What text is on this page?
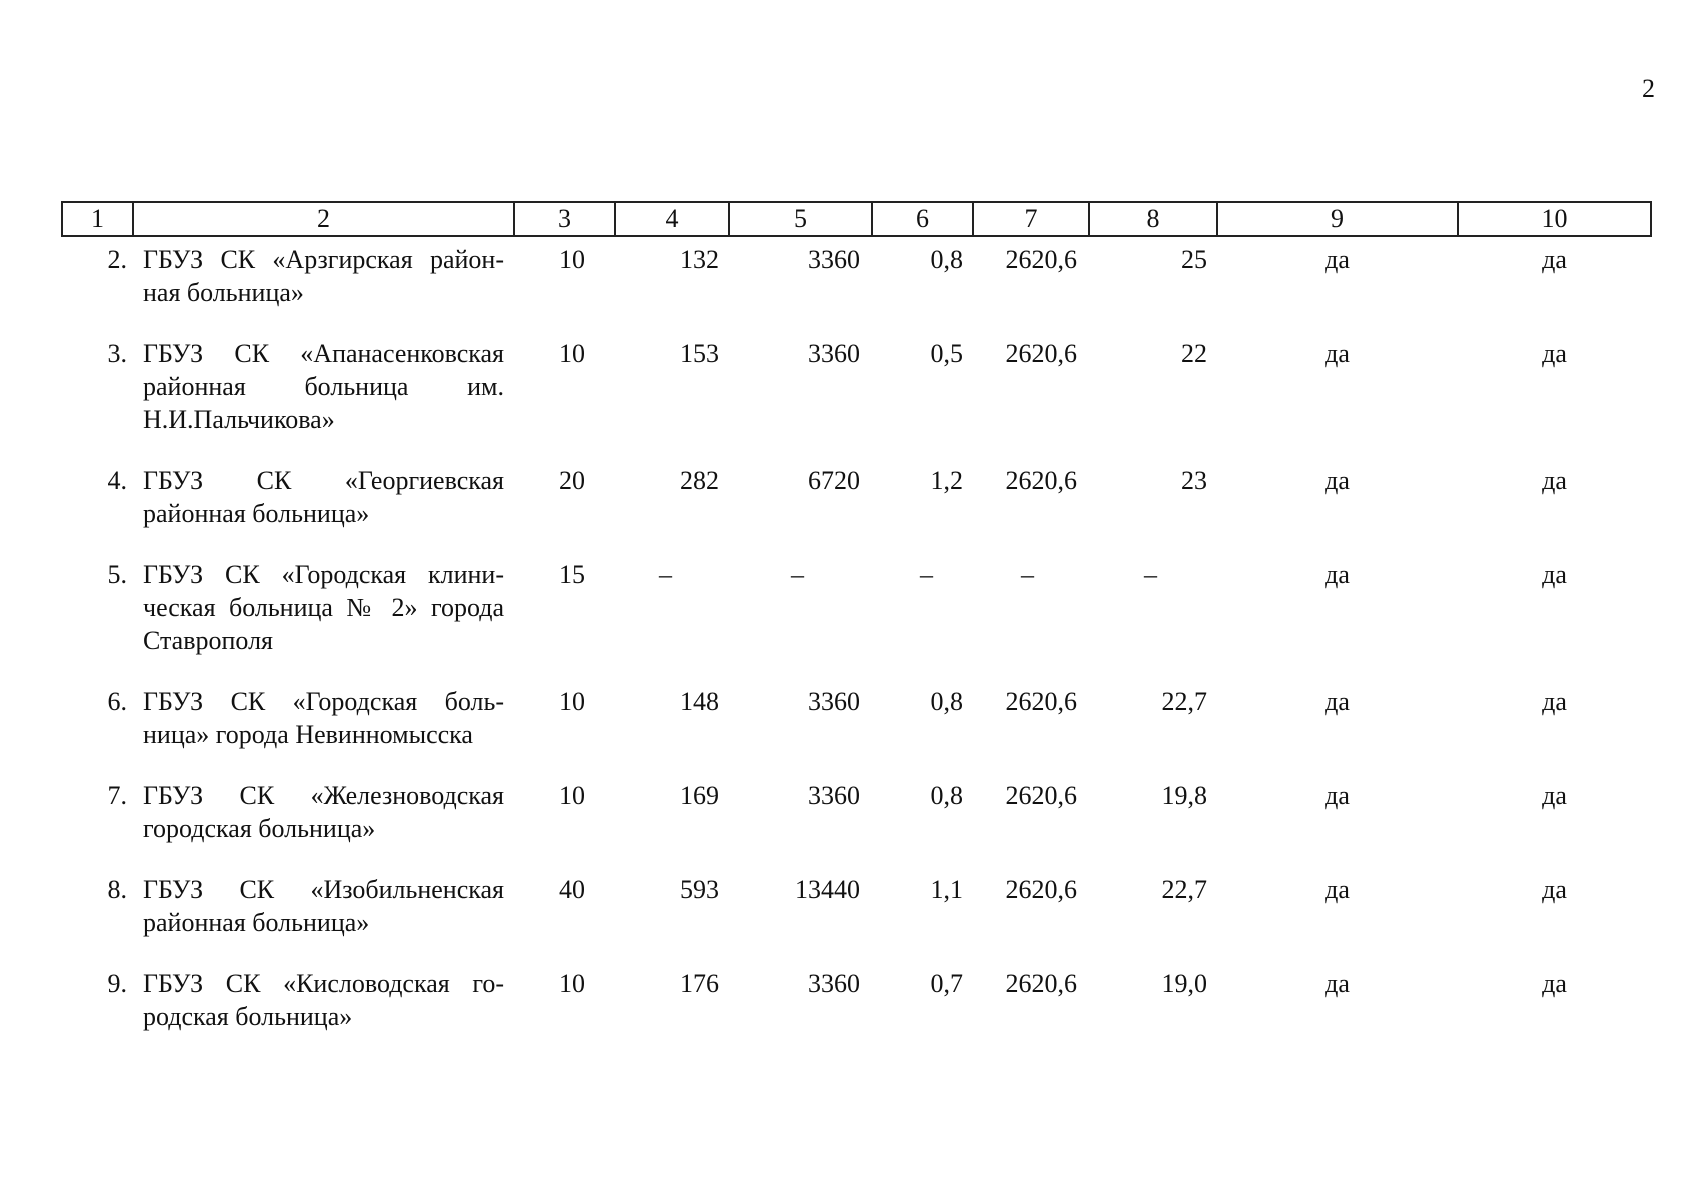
2
1	2	3	4	5	6	7	8	9	10
2.	ГБУЗ СК «Арзгирская район-ная больница»	10	132	3360	0,8	2620,6	25	да	да
3.	ГБУЗ СК «Апанасенковская районная больница им. Н.И.Пальчикова»	10	153	3360	0,5	2620,6	22	да	да
4.	ГБУЗ СК «Георгиевская районная больница»	20	282	6720	1,2	2620,6	23	да	да
5.	ГБУЗ СК «Городская клини-ческая больница № 2» города Ставрополя	15	–	–	–	–	–	да	да
6.	ГБУЗ СК «Городская боль-ница» города Невинномысска	10	148	3360	0,8	2620,6	22,7	да	да
7.	ГБУЗ СК «Железноводская городская больница»	10	169	3360	0,8	2620,6	19,8	да	да
8.	ГБУЗ СК «Изобильненская районная больница»	40	593	13440	1,1	2620,6	22,7	да	да
9.	ГБУЗ СК «Кисловодская го-родская больница»	10	176	3360	0,7	2620,6	19,0	да	да
